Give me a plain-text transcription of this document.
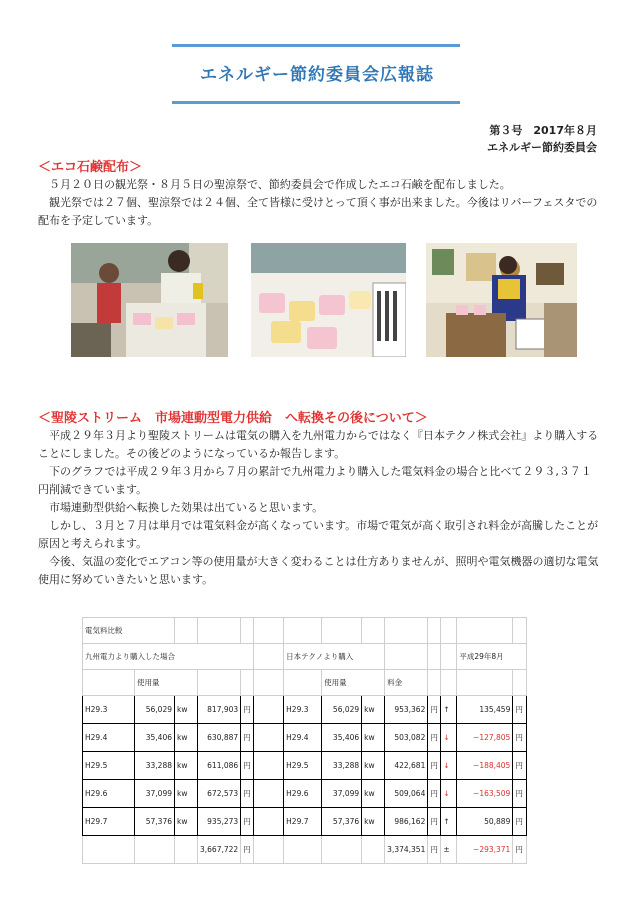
エネルギー節約委員会広報誌
第３号　2017年８月
エネルギー節約委員会
＜エコ石鹸配布＞

５月２０日の観光祭・８月５日の聖涼祭で、節約委員会で作成したエコ石鹸を配布しました。

観光祭では２７個、聖涼祭では２４個、全て皆様に受けとって頂く事が出来ました。今後はリバーフェスタでの配布を予定しています。

＜聖陵ストリーム　市場連動型電力供給　へ転換その後について＞

平成２９年３月より聖陵ストリームは電気の購入を九州電力からではなく『日本テクノ株式会社』より購入することにしました。その後どのようになっているか報告します。

下のグラフでは平成２９年３月から７月の累計で九州電力より購入した電気料金の場合と比べて２９３,３７１円削減できています。

市場連動型供給へ転換した効果は出ていると思います。

しかし、３月と７月は単月では電気料金が高くなっています。市場で電気が高く取引され料金が高騰したことが原因と考えられます。

今後、気温の変化でエアコン等の使用量が大きく変わることは仕方ありませんが、照明や電気機器の適切な電気使用に努めていきたいと思います。

電気料比較													
九州電力より購入した場合						日本テクノより購入						平成29年8月	
	使用量						使用量		料金				
H29.3	56,029	kw	817,903	円		H29.3	56,029	kw	953,362	円	↑	135,459	円
H29.4	35,406	kw	630,887	円		H29.4	35,406	kw	503,082	円	↓	−127,805	円
H29.5	33,288	kw	611,086	円		H29.5	33,288	kw	422,681	円	↓	−188,405	円
H29.6	37,099	kw	672,573	円		H29.6	37,099	kw	509,064	円	↓	−163,509	円
H29.7	57,376	kw	935,273	円		H29.7	57,376	kw	986,162	円	↑	50,889	円
			3,667,722	円					3,374,351	円	±	−293,371	円
